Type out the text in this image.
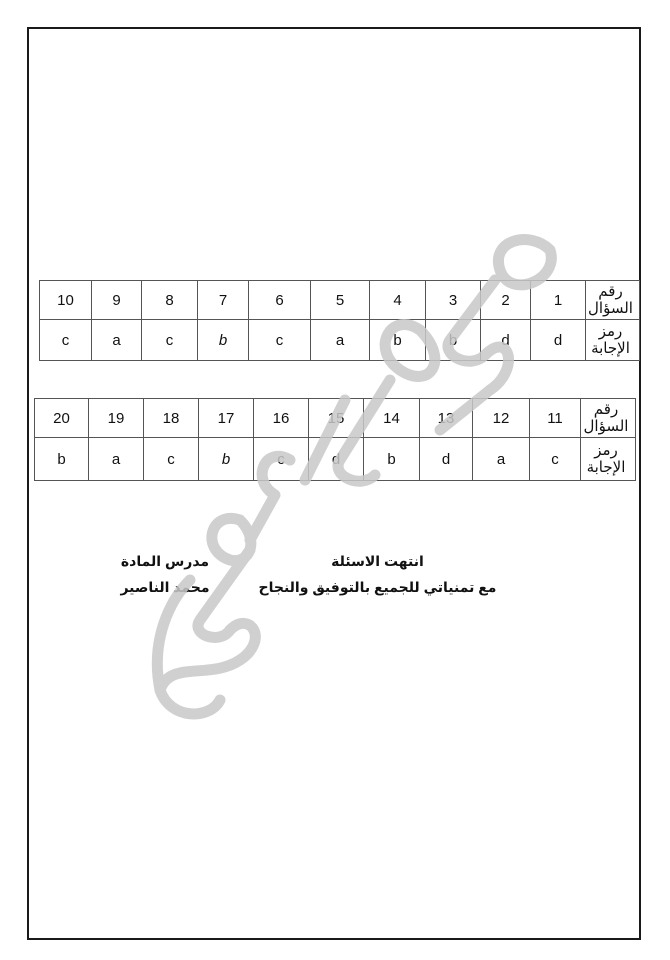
رقم السؤال	1	2	3	4	5	6	7	8	9	10
رمز الإجابة	d	d	b	b	a	c	b	c	a	c
رقم السؤال	11	12	13	14	15	16	17	18	19	20
رمز الإجابة	c	a	d	b	d	c	b	c	a	b
انتهت الاسئلة
مع تمنياتي للجميع بالتوفيق والنجاح
مدرس المادة
محمد الناصير
